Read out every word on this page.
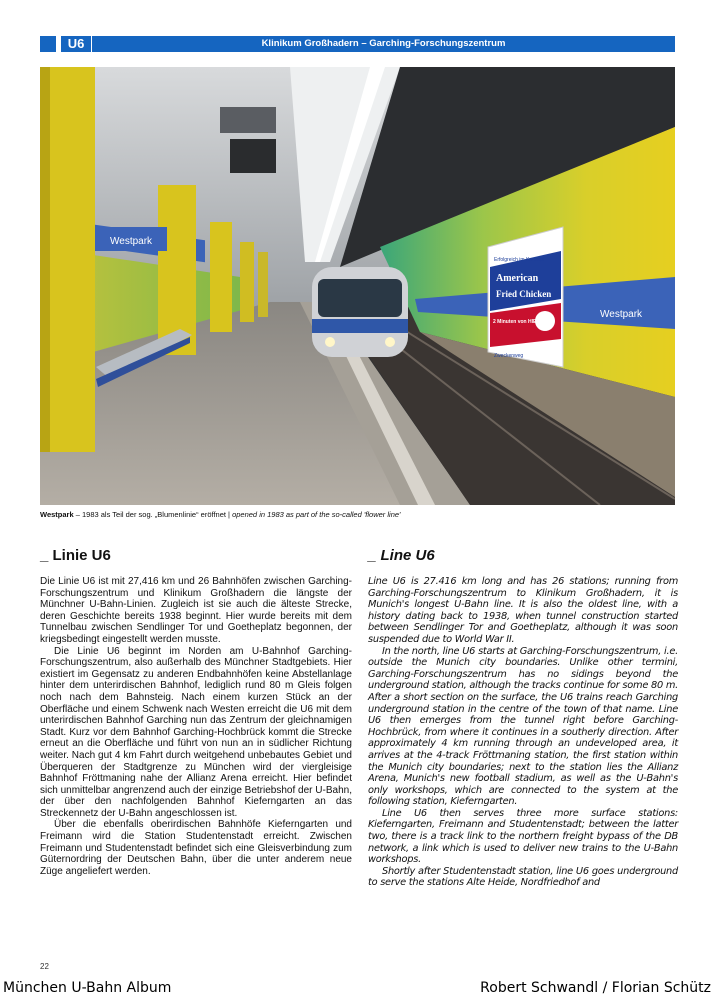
U6	Klinikum Großhadern – Garching-Forschungszentrum
Westpark
Westpark
Erfolgreich im Konzept
American
Fried Chicken
2 Minuten von HIER
Zweckenweg
Westpark – 1983 als Teil der sog. „Blumenlinie“ eröffnet | opened in 1983 as part of the so-called 'flower line'
_ Linie U6	_ Line U6

Die Linie U6 ist mit 27,416 km und 26 Bahnhöfen zwischen Garching-Forschungszentrum und Klinikum Großhadern die längste der Münchner U-Bahn-Linien. Zugleich ist sie auch die älteste Strecke, deren Geschichte bereits 1938 beginnt. Hier wurde bereits mit dem Tunnelbau zwischen Sendlinger Tor und Goetheplatz begonnen, der kriegsbedingt eingestellt werden musste.

Die Linie U6 beginnt im Norden am U-Bahnhof Garching-Forschungszentrum, also außerhalb des Münchner Stadtgebiets. Hier existiert im Gegensatz zu anderen Endbahnhöfen keine Abstellanlage hinter dem unterirdischen Bahnhof, lediglich rund 80 m Gleis folgen noch nach dem Bahnsteig. Nach einem kurzen Stück an der Oberfläche und einem Schwenk nach Westen erreicht die U6 mit dem unterirdischen Bahnhof Garching nun das Zentrum der gleichnamigen Stadt. Kurz vor dem Bahnhof Garching-Hochbrück kommt die Strecke erneut an die Oberfläche und führt von nun an in südlicher Richtung weiter. Nach gut 4 km Fahrt durch weitgehend unbebautes Gebiet und Überqueren der Stadtgrenze zu München wird der viergleisige Bahnhof Fröttmaning nahe der Allianz Arena erreicht. Hier befindet sich unmittelbar angrenzend auch der einzige Betriebshof der U-Bahn, der über den nachfolgenden Bahnhof Kieferngarten an das Streckennetz der U-Bahn angeschlossen ist.

Über die ebenfalls oberirdischen Bahnhöfe Kieferngarten und Freimann wird die Station Studentenstadt erreicht. Zwischen Freimann und Studentenstadt befindet sich eine Gleisverbindung zum Güternordring der Deutschen Bahn, über die unter anderem neue Züge angeliefert werden.

Line U6 is 27.416 km long and has 26 stations; running from Garching-Forschungszentrum to Klinikum Großhadern, it is Munich's longest U-Bahn line. It is also the oldest line, with a history dating back to 1938, when tunnel construction started between Sendlinger Tor and Goetheplatz, although it was soon suspended due to World War II.

In the north, line U6 starts at Garching-Forschungszentrum, i.e. outside the Munich city boundaries. Unlike other termini, Garching-Forschungszentrum has no sidings beyond the underground station, although the tracks continue for some 80 m. After a short section on the surface, the U6 trains reach Garching underground station in the centre of the town of that name. Line U6 then emerges from the tunnel right before Garching-Hochbrück, from where it continues in a southerly direction. After approximately 4 km running through an undeveloped area, it arrives at the 4-track Fröttmaning station, the first station within the Munich city boundaries; next to the station lies the Allianz Arena, Munich's new football stadium, as well as the U-Bahn's only workshops, which are connected to the system at the following station, Kieferngarten.

Line U6 then serves three more surface stations: Kieferngarten, Freimann and Studentenstadt; between the latter two, there is a track link to the northern freight bypass of the DB network, a link which is used to deliver new trains to the U-Bahn workshops.

Shortly after Studentenstadt station, line U6 goes underground to serve the stations Alte Heide, Nordfriedhof and

22
München U-Bahn Album	Robert Schwandl / Florian Schütz
